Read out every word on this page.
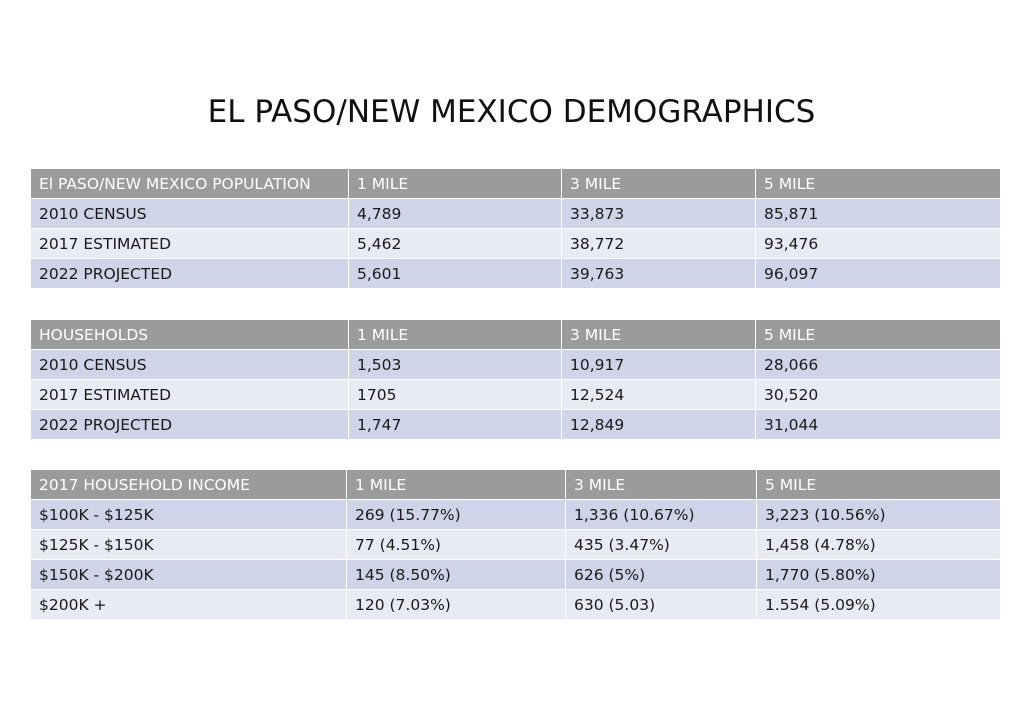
EL PASO/NEW MEXICO DEMOGRAPHICS
El PASO/NEW MEXICO POPULATION	1 MILE	3 MILE	5 MILE
2010 CENSUS	4,789	33,873	85,871
2017 ESTIMATED	5,462	38,772	93,476
2022 PROJECTED	5,601	39,763	96,097
HOUSEHOLDS	1 MILE	3 MILE	5 MILE
2010 CENSUS	1,503	10,917	28,066
2017 ESTIMATED	1705	12,524	30,520
2022 PROJECTED	1,747	12,849	31,044
2017 HOUSEHOLD INCOME	1 MILE	3 MILE	5 MILE
$100K - $125K	269 (15.77%)	1,336 (10.67%)	3,223 (10.56%)
$125K - $150K	77 (4.51%)	435 (3.47%)	1,458 (4.78%)
$150K - $200K	145 (8.50%)	626 (5%)	1,770 (5.80%)
$200K +	120 (7.03%)	630 (5.03)	1.554 (5.09%)
